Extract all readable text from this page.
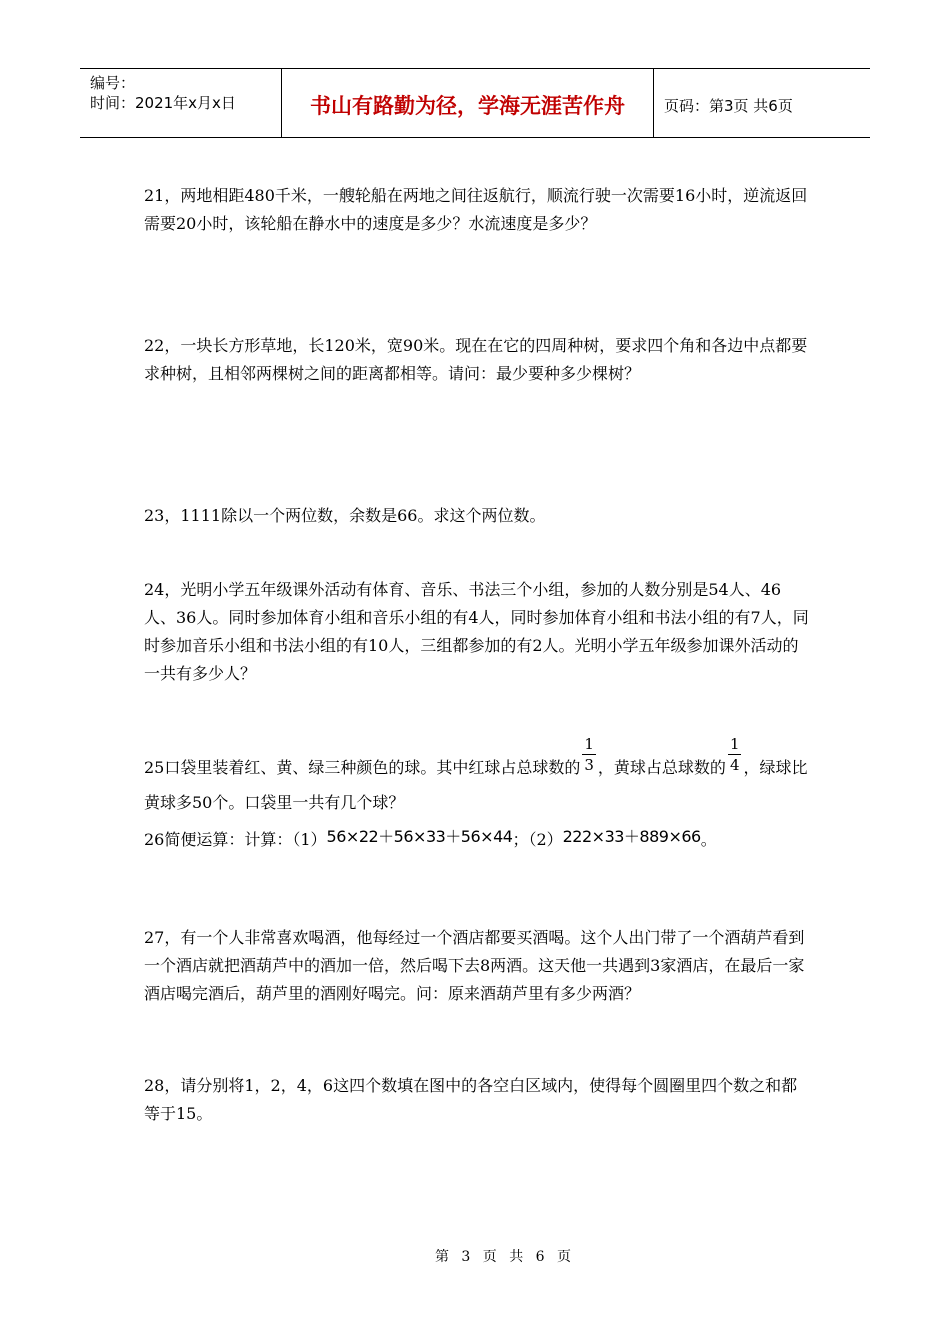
编号：
时间：2021年x月x日	书山有路勤为径，学海无涯苦作舟	页码：第3页 共6页
21，两地相距480千米，一艘轮船在两地之间往返航行，顺流行驶一次需要16小时，逆流返回需要20小时，该轮船在静水中的速度是多少？水流速度是多少？
22，一块长方形草地，长120米，宽90米。现在在它的四周种树，要求四个角和各边中点都要求种树，且相邻两棵树之间的距离都相等。请问：最少要种多少棵树？
23，1111除以一个两位数，余数是66。求这个两位数。
24，光明小学五年级课外活动有体育、音乐、书法三个小组，参加的人数分别是54人、46人、36人。同时参加体育小组和音乐小组的有4人，同时参加体育小组和书法小组的有7人，同时参加音乐小组和书法小组的有10人，三组都参加的有2人。光明小学五年级参加课外活动的一共有多少人？
25口袋里装着红、黄、绿三种颜色的球。其中红球占总球数的 $\frac{1}{3}$ ，黄球占总球数的 $\frac{1}{4}$ ，绿球比黄球多50个。口袋里一共有几个球？
26简便运算：计算：（1）56×22＋56×33＋56×44；（2）222×33＋889×66。
27，有一个人非常喜欢喝酒，他每经过一个酒店都要买酒喝。这个人出门带了一个酒葫芦看到一个酒店就把酒葫芦中的酒加一倍，然后喝下去8两酒。这天他一共遇到3家酒店，在最后一家酒店喝完酒后，葫芦里的酒刚好喝完。问：原来酒葫芦里有多少两酒？
28，请分别将1，2，4，6这四个数填在图中的各空白区域内，使得每个圆圈里四个数之和都等于15。
第 3 页 共 6 页
